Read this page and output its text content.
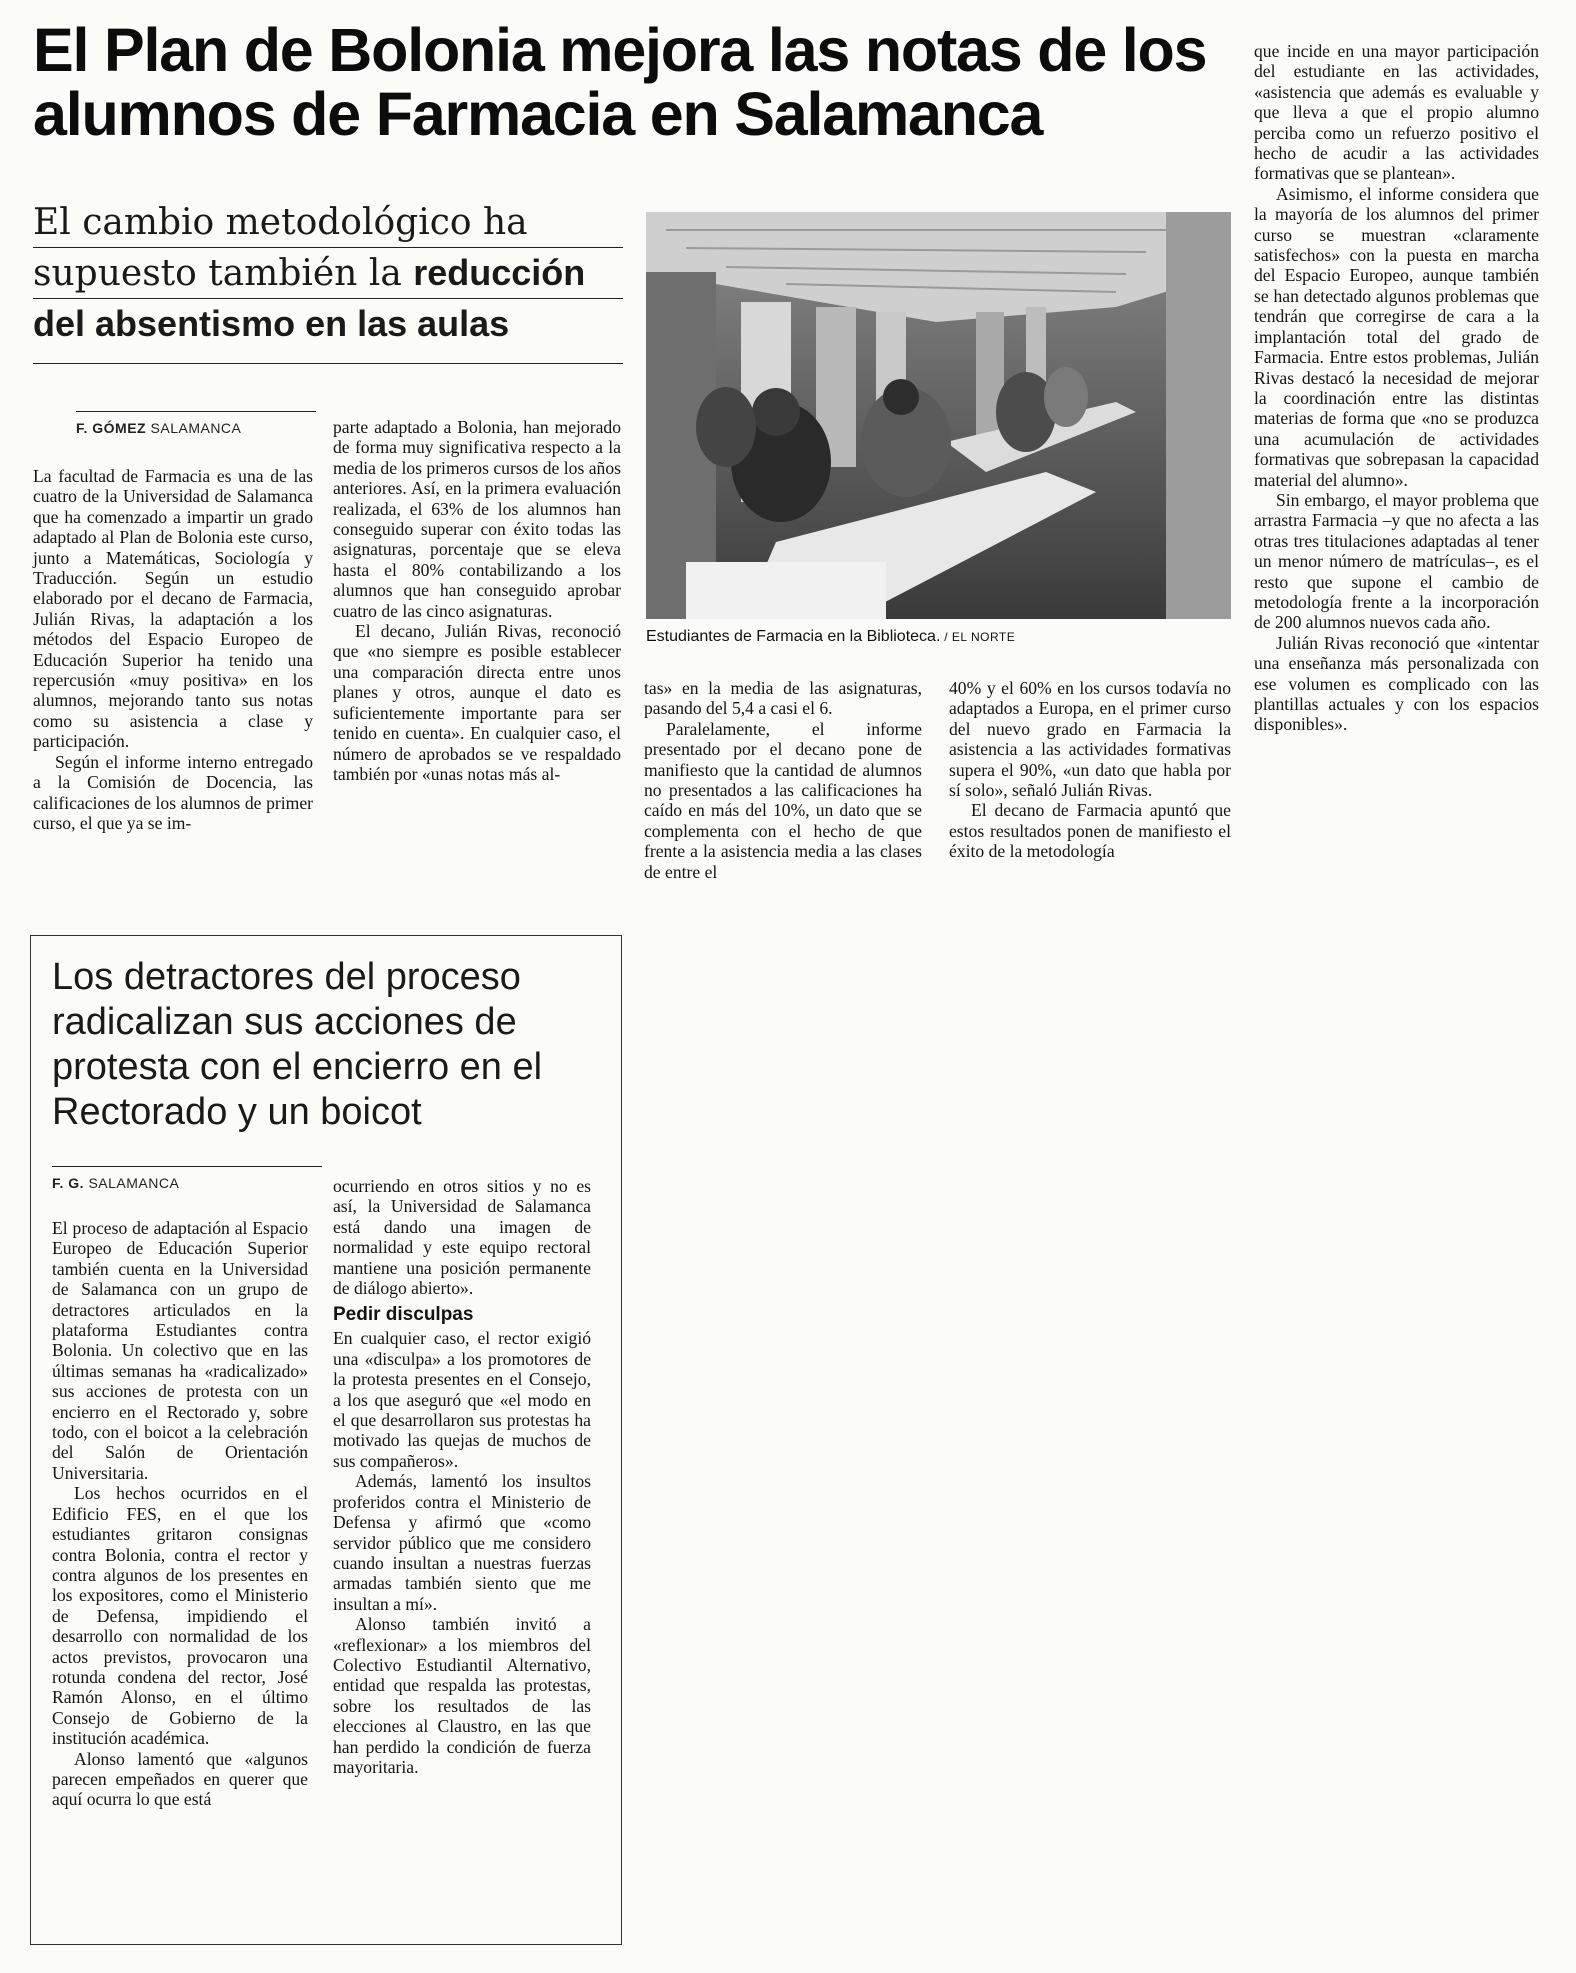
El Plan de Bolonia mejora las notas de los alumnos de Farmacia en Salamanca
El cambio metodológico ha
supuesto también la reducción
del absentismo en las aulas
F. GÓMEZ SALAMANCA

La facultad de Farmacia es una de las cuatro de la Universidad de Salamanca que ha comenzado a impartir un grado adaptado al Plan de Bolonia este curso, junto a Matemáticas, Sociología y Traducción. Según un estudio elaborado por el decano de Farmacia, Julián Rivas, la adaptación a los métodos del Espacio Europeo de Educación Superior ha tenido una repercusión «muy positiva» en los alumnos, mejorando tanto sus notas como su asistencia a clase y participación.

Según el informe interno entregado a la Comisión de Docencia, las calificaciones de los alumnos de primer curso, el que ya se im-

parte adaptado a Bolonia, han mejorado de forma muy significativa respecto a la media de los primeros cursos de los años anteriores. Así, en la primera evaluación realizada, el 63% de los alumnos han conseguido superar con éxito todas las asignaturas, porcentaje que se eleva hasta el 80% contabilizando a los alumnos que han conseguido aprobar cuatro de las cinco asignaturas.

El decano, Julián Rivas, reconoció que «no siempre es posible establecer una comparación directa entre unos planes y otros, aunque el dato es suficientemente importante para ser tenido en cuenta». En cualquier caso, el número de aprobados se ve respaldado también por «unas notas más al-

Estudiantes de Farmacia en la Biblioteca. / EL NORTE

tas» en la media de las asignaturas, pasando del 5,4 a casi el 6.

Paralelamente, el informe presentado por el decano pone de manifiesto que la cantidad de alumnos no presentados a las calificaciones ha caído en más del 10%, un dato que se complementa con el hecho de que frente a la asistencia media a las clases de entre el

40% y el 60% en los cursos todavía no adaptados a Europa, en el primer curso del nuevo grado en Farmacia la asistencia a las actividades formativas supera el 90%, «un dato que habla por sí solo», señaló Julián Rivas.

El decano de Farmacia apuntó que estos resultados ponen de manifiesto el éxito de la metodología

que incide en una mayor participación del estudiante en las actividades, «asistencia que además es evaluable y que lleva a que el propio alumno perciba como un refuerzo positivo el hecho de acudir a las actividades formativas que se plantean».

Asimismo, el informe considera que la mayoría de los alumnos del primer curso se muestran «claramente satisfechos» con la puesta en marcha del Espacio Europeo, aunque también se han detectado algunos problemas que tendrán que corregirse de cara a la implantación total del grado de Farmacia. Entre estos problemas, Julián Rivas destacó la necesidad de mejorar la coordinación entre las distintas materias de forma que «no se produzca una acumulación de actividades formativas que sobrepasan la capacidad material del alumno».

Sin embargo, el mayor problema que arrastra Farmacia –y que no afecta a las otras tres titulaciones adaptadas al tener un menor número de matrículas–, es el resto que supone el cambio de metodología frente a la incorporación de 200 alumnos nuevos cada año.

Julián Rivas reconoció que «intentar una enseñanza más personalizada con ese volumen es complicado con las plantillas actuales y con los espacios disponibles».

Los detractores del proceso radicalizan sus acciones de protesta con el encierro en el Rectorado y un boicot
F. G. SALAMANCA

El proceso de adaptación al Espacio Europeo de Educación Superior también cuenta en la Universidad de Salamanca con un grupo de detractores articulados en la plataforma Estudiantes contra Bolonia. Un colectivo que en las últimas semanas ha «radicalizado» sus acciones de protesta con un encierro en el Rectorado y, sobre todo, con el boicot a la celebración del Salón de Orientación Universitaria.

Los hechos ocurridos en el Edificio FES, en el que los estudiantes gritaron consignas contra Bolonia, contra el rector y contra algunos de los presentes en los expositores, como el Ministerio de Defensa, impidiendo el desarrollo con normalidad de los actos previstos, provocaron una rotunda condena del rector, José Ramón Alonso, en el último Consejo de Gobierno de la institución académica.

Alonso lamentó que «algunos parecen empeñados en querer que aquí ocurra lo que está

ocurriendo en otros sitios y no es así, la Universidad de Salamanca está dando una imagen de normalidad y este equipo rectoral mantiene una posición permanente de diálogo abierto».

Pedir disculpas

En cualquier caso, el rector exigió una «disculpa» a los promotores de la protesta presentes en el Consejo, a los que aseguró que «el modo en el que desarrollaron sus protestas ha motivado las quejas de muchos de sus compañeros».

Además, lamentó los insultos proferidos contra el Ministerio de Defensa y afirmó que «como servidor público que me considero cuando insultan a nuestras fuerzas armadas también siento que me insultan a mí».

Alonso también invitó a «reflexionar» a los miembros del Colectivo Estudiantil Alternativo, entidad que respalda las protestas, sobre los resultados de las elecciones al Claustro, en las que han perdido la condición de fuerza mayoritaria.
